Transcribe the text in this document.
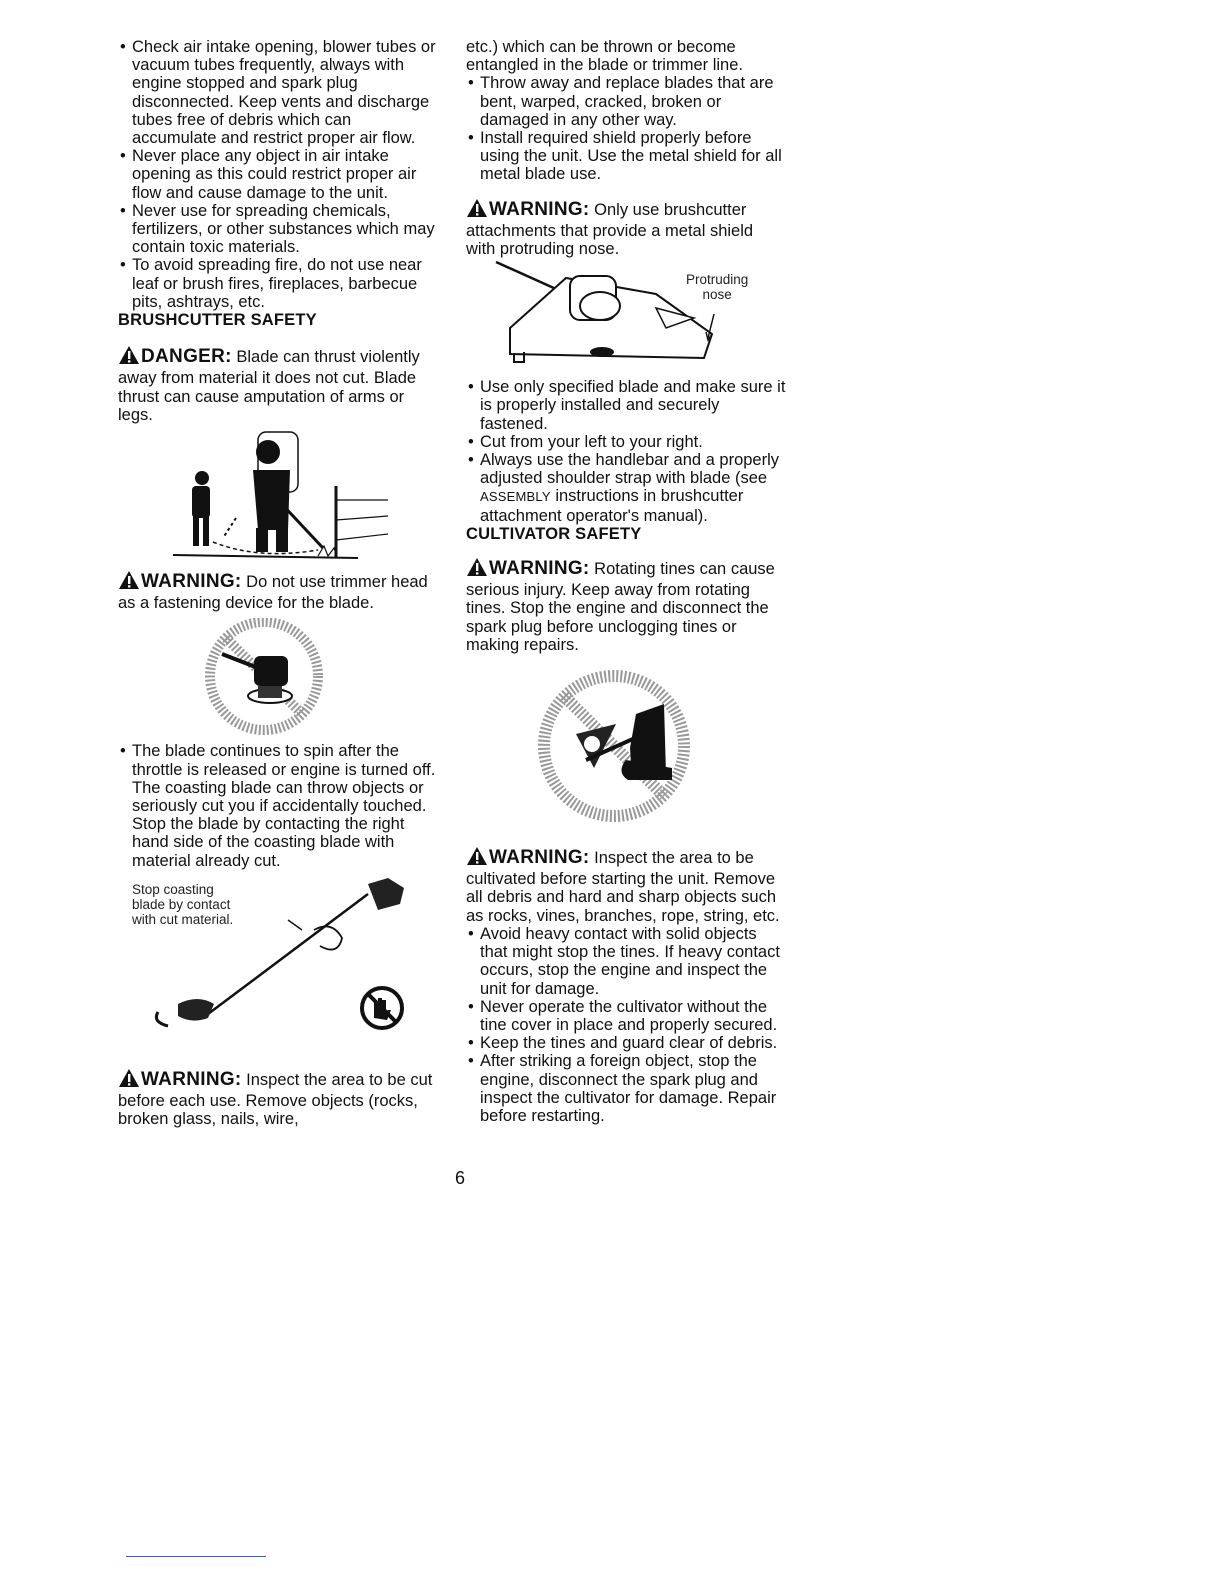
• Check air intake opening, blower tubes or vacuum tubes frequently, always with engine stopped and spark plug disconnected. Keep vents and discharge tubes free of debris which can accumulate and restrict proper air flow.
• Never place any object in air intake opening as this could restrict proper air flow and cause damage to the unit.
• Never use for spreading chemicals, fertilizers, or other substances which may contain toxic materials.
• To avoid spreading fire, do not use near leaf or brush fires, fireplaces, barbecue pits, ashtrays, etc.

BRUSHCUTTER SAFETY

DANGER: Blade can thrust violently away from material it does not cut. Blade thrust can cause amputation of arms or legs.

WARNING: Do not use trimmer head as a fastening device for the blade.

• The blade continues to spin after the throttle is released or engine is turned off. The coasting blade can throw objects or seriously cut you if accidentally touched. Stop the blade by contacting the right hand side of the coasting blade with material already cut.
Stop coasting
blade by contact
with cut material.

WARNING: Inspect the area to be cut before each use. Remove objects (rocks, broken glass, nails, wire,

etc.) which can be thrown or become entangled in the blade or trimmer line.

• Throw away and replace blades that are bent, warped, cracked, broken or damaged in any other way.
• Install required shield properly before using the unit. Use the metal shield for all metal blade use.

WARNING: Only use brushcutter attachments that provide a metal shield with protruding nose.

Protruding
nose
• Use only specified blade and make sure it is properly installed and securely fastened.
• Cut from your left to your right.
• Always use the handlebar and a properly adjusted shoulder strap with blade (see ASSEMBLY instructions in brushcutter attachment operator's manual).

CULTIVATOR SAFETY

WARNING: Rotating tines can cause serious injury. Keep away from rotating tines. Stop the engine and disconnect the spark plug before unclogging tines or making repairs.

WARNING: Inspect the area to be cultivated before starting the unit. Remove all debris and hard and sharp objects such as rocks, vines, branches, rope, string, etc.

• Avoid heavy contact with solid objects that might stop the tines. If heavy contact occurs, stop the engine and inspect the unit for damage.
• Never operate the cultivator without the tine cover in place and properly secured.
• Keep the tines and guard clear of debris.
• After striking a foreign object, stop the engine, disconnect the spark plug and inspect the cultivator for damage. Repair before restarting.
6
